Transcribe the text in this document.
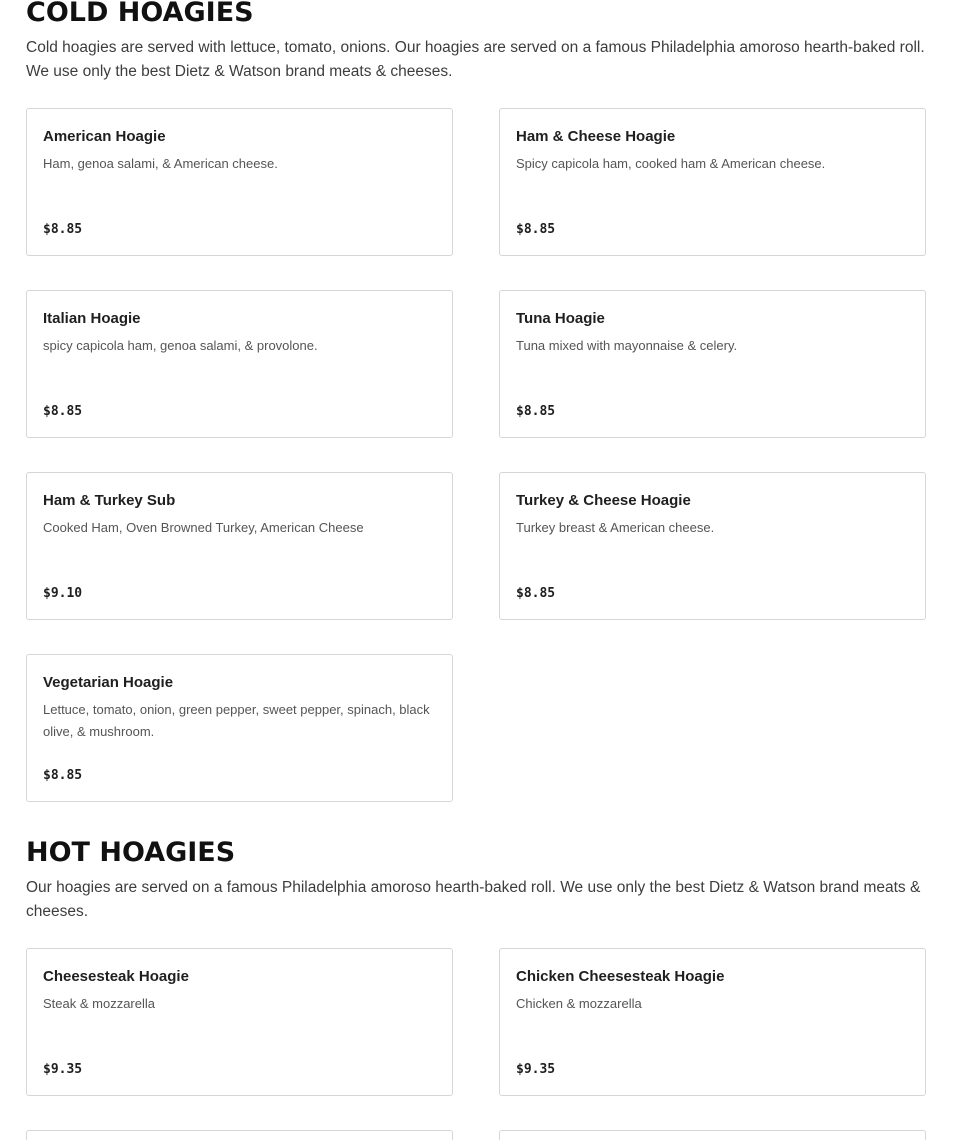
COLD HOAGIES

Cold hoagies are served with lettuce, tomato, onions. Our hoagies are served on a famous Philadelphia amoroso hearth-baked roll. We use only the best Dietz & Watson brand meats & cheeses.

American Hoagie
Ham, genoa salami, & American cheese.
$8.85
Ham & Cheese Hoagie
Spicy capicola ham, cooked ham & American cheese.
$8.85
Italian Hoagie
spicy capicola ham, genoa salami, & provolone.
$8.85
Tuna Hoagie
Tuna mixed with mayonnaise & celery.
$8.85
Ham & Turkey Sub
Cooked Ham, Oven Browned Turkey, American Cheese
$9.10
Turkey & Cheese Hoagie
Turkey breast & American cheese.
$8.85
Vegetarian Hoagie
Lettuce, tomato, onion, green pepper, sweet pepper, spinach, black olive, & mushroom.
$8.85
HOT HOAGIES

Our hoagies are served on a famous Philadelphia amoroso hearth-baked roll. We use only the best Dietz & Watson brand meats & cheeses.

Cheesesteak Hoagie
Steak & mozzarella
$9.35
Chicken Cheesesteak Hoagie
Chicken & mozzarella
$9.35
